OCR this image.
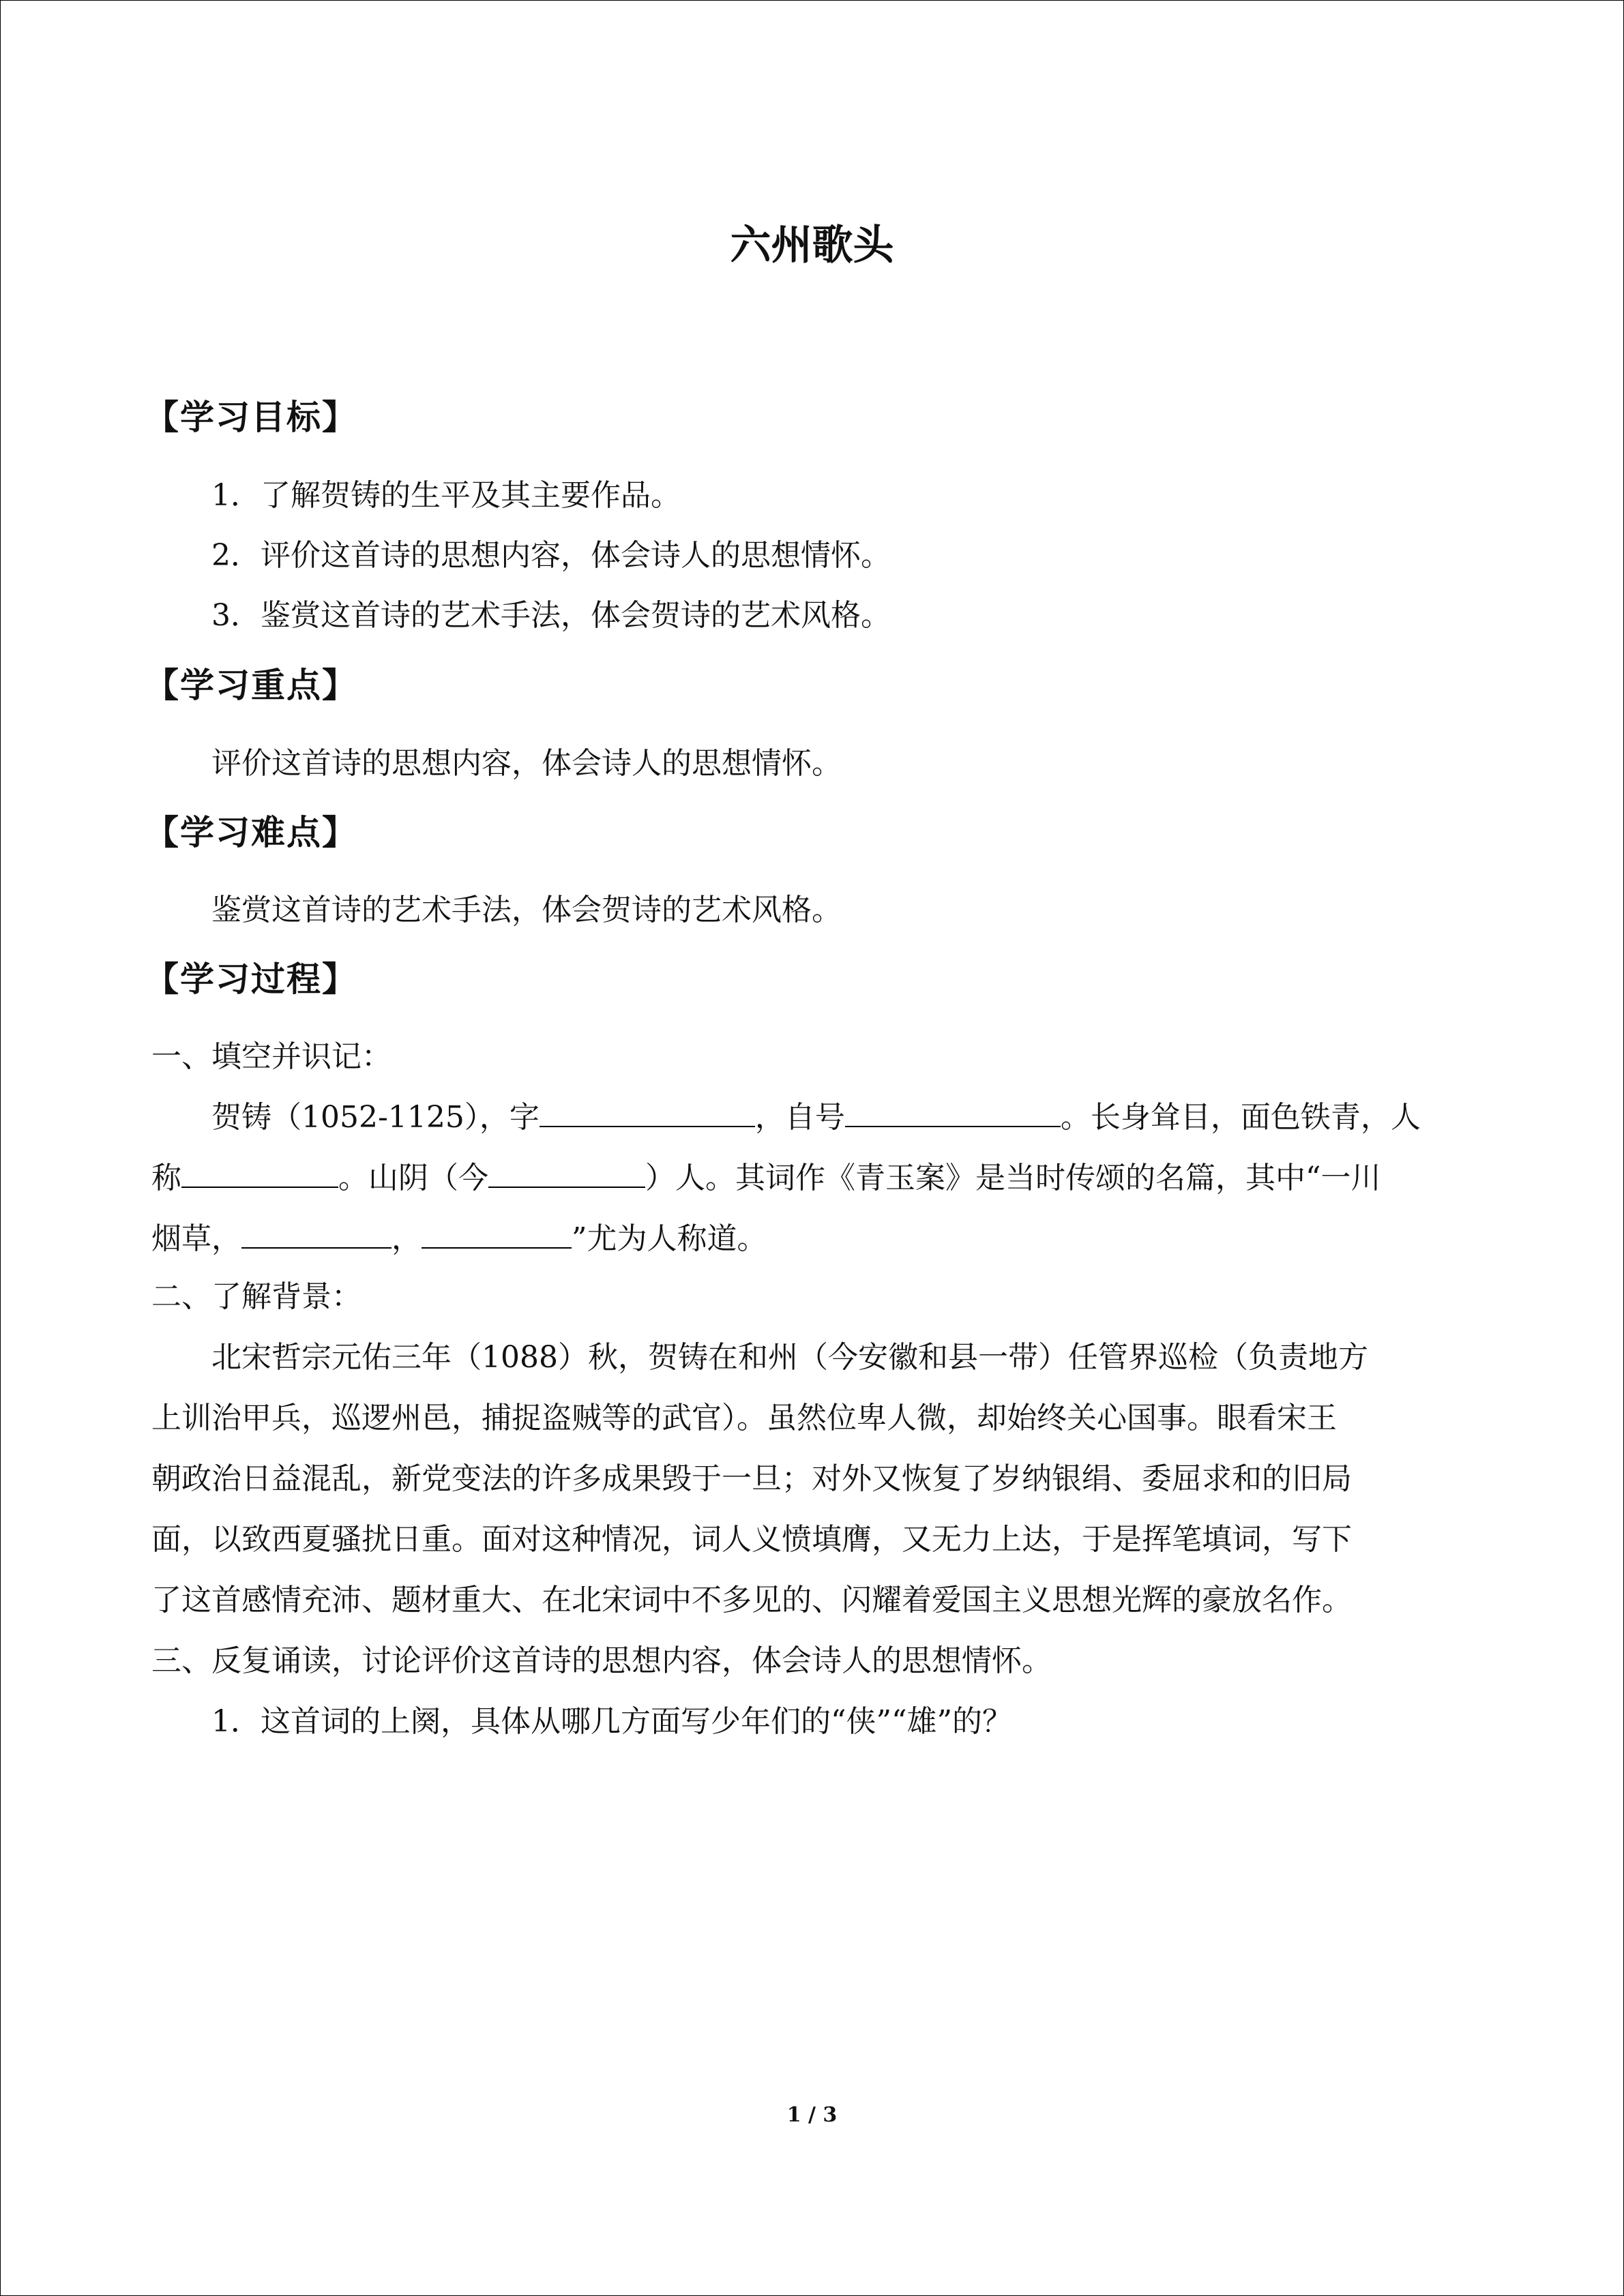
六州歌头
【学习目标】
1．了解贺铸的生平及其主要作品。
2．评价这首诗的思想内容，体会诗人的思想情怀。
3．鉴赏这首诗的艺术手法，体会贺诗的艺术风格。
【学习重点】
评价这首诗的思想内容，体会诗人的思想情怀。
【学习难点】
鉴赏这首诗的艺术手法，体会贺诗的艺术风格。
【学习过程】
一、填空并识记：
贺铸（1052-1125），字	，自号	。长身耸目，面色铁青，人
称	。山阴（今	）人。其词作《青玉案》是当时传颂的名篇，其中“一川
烟草，	，	”尤为人称道。
二、了解背景：
北宋哲宗元佑三年（1088）秋，贺铸在和州（今安徽和县一带）任管界巡检（负责地方
上训治甲兵，巡逻州邑，捕捉盗贼等的武官）。虽然位卑人微，却始终关心国事。眼看宋王
朝政治日益混乱，新党变法的许多成果毁于一旦；对外又恢复了岁纳银绢、委屈求和的旧局
面，以致西夏骚扰日重。面对这种情况，词人义愤填膺，又无力上达，于是挥笔填词，写下
了这首感情充沛、题材重大、在北宋词中不多见的、闪耀着爱国主义思想光辉的豪放名作。
三、反复诵读，讨论评价这首诗的思想内容，体会诗人的思想情怀。
1．这首词的上阕，具体从哪几方面写少年们的“侠”“雄”的？
1 / 3
